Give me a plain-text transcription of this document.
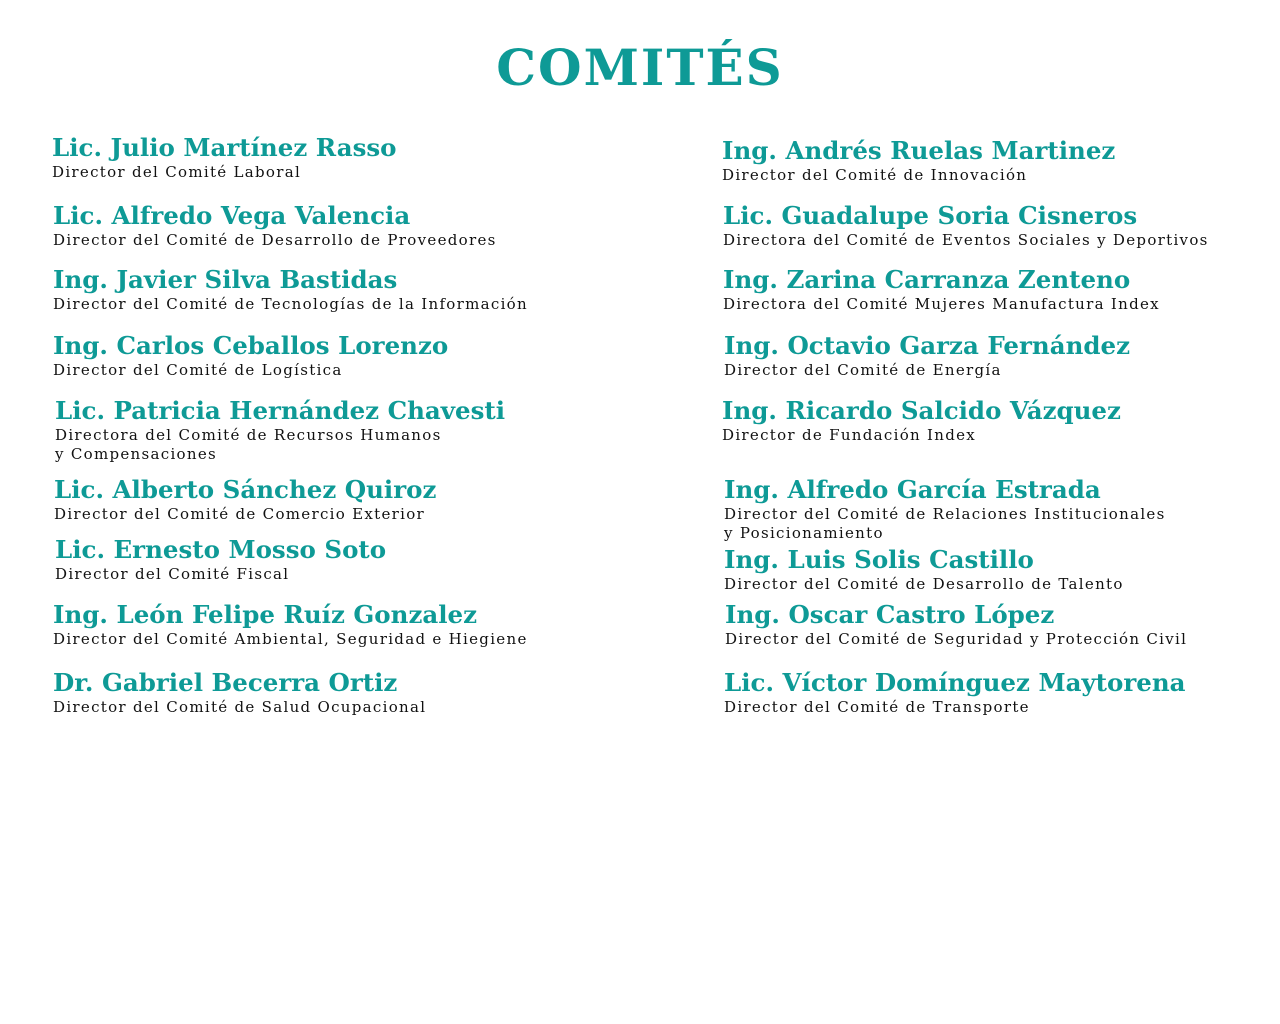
COMITÉS
Lic. Julio Martínez Rasso
Director del Comité Laboral
Lic. Alfredo Vega Valencia
Director del Comité de Desarrollo de Proveedores
Ing. Javier Silva Bastidas
Director del Comité de Tecnologías de la Información
Ing. Carlos Ceballos Lorenzo
Director del Comité de Logística
Lic. Patricia Hernández Chavesti
Directora del Comité de Recursos Humanos
y Compensaciones
Lic. Alberto Sánchez Quiroz
Director del Comité de Comercio Exterior
Lic. Ernesto Mosso Soto
Director del Comité Fiscal
Ing. León Felipe Ruíz Gonzalez
Director del Comité Ambiental, Seguridad e Hiegiene
Dr. Gabriel Becerra Ortiz
Director del Comité de Salud Ocupacional
Ing. Andrés Ruelas Martinez
Director del Comité de Innovación
Lic. Guadalupe Soria Cisneros
Directora del Comité de Eventos Sociales y Deportivos
Ing. Zarina Carranza Zenteno
Directora del Comité Mujeres Manufactura Index
Ing. Octavio Garza Fernández
Director del Comité de Energía
Ing. Ricardo Salcido Vázquez
Director de Fundación Index
Ing. Alfredo García Estrada
Director del Comité de Relaciones Institucionales
y Posicionamiento
Ing. Luis Solis Castillo
Director del Comité de Desarrollo de Talento
Ing. Oscar Castro López
Director del Comité de Seguridad y Protección Civil
Lic. Víctor Domínguez Maytorena
Director del Comité de Transporte
